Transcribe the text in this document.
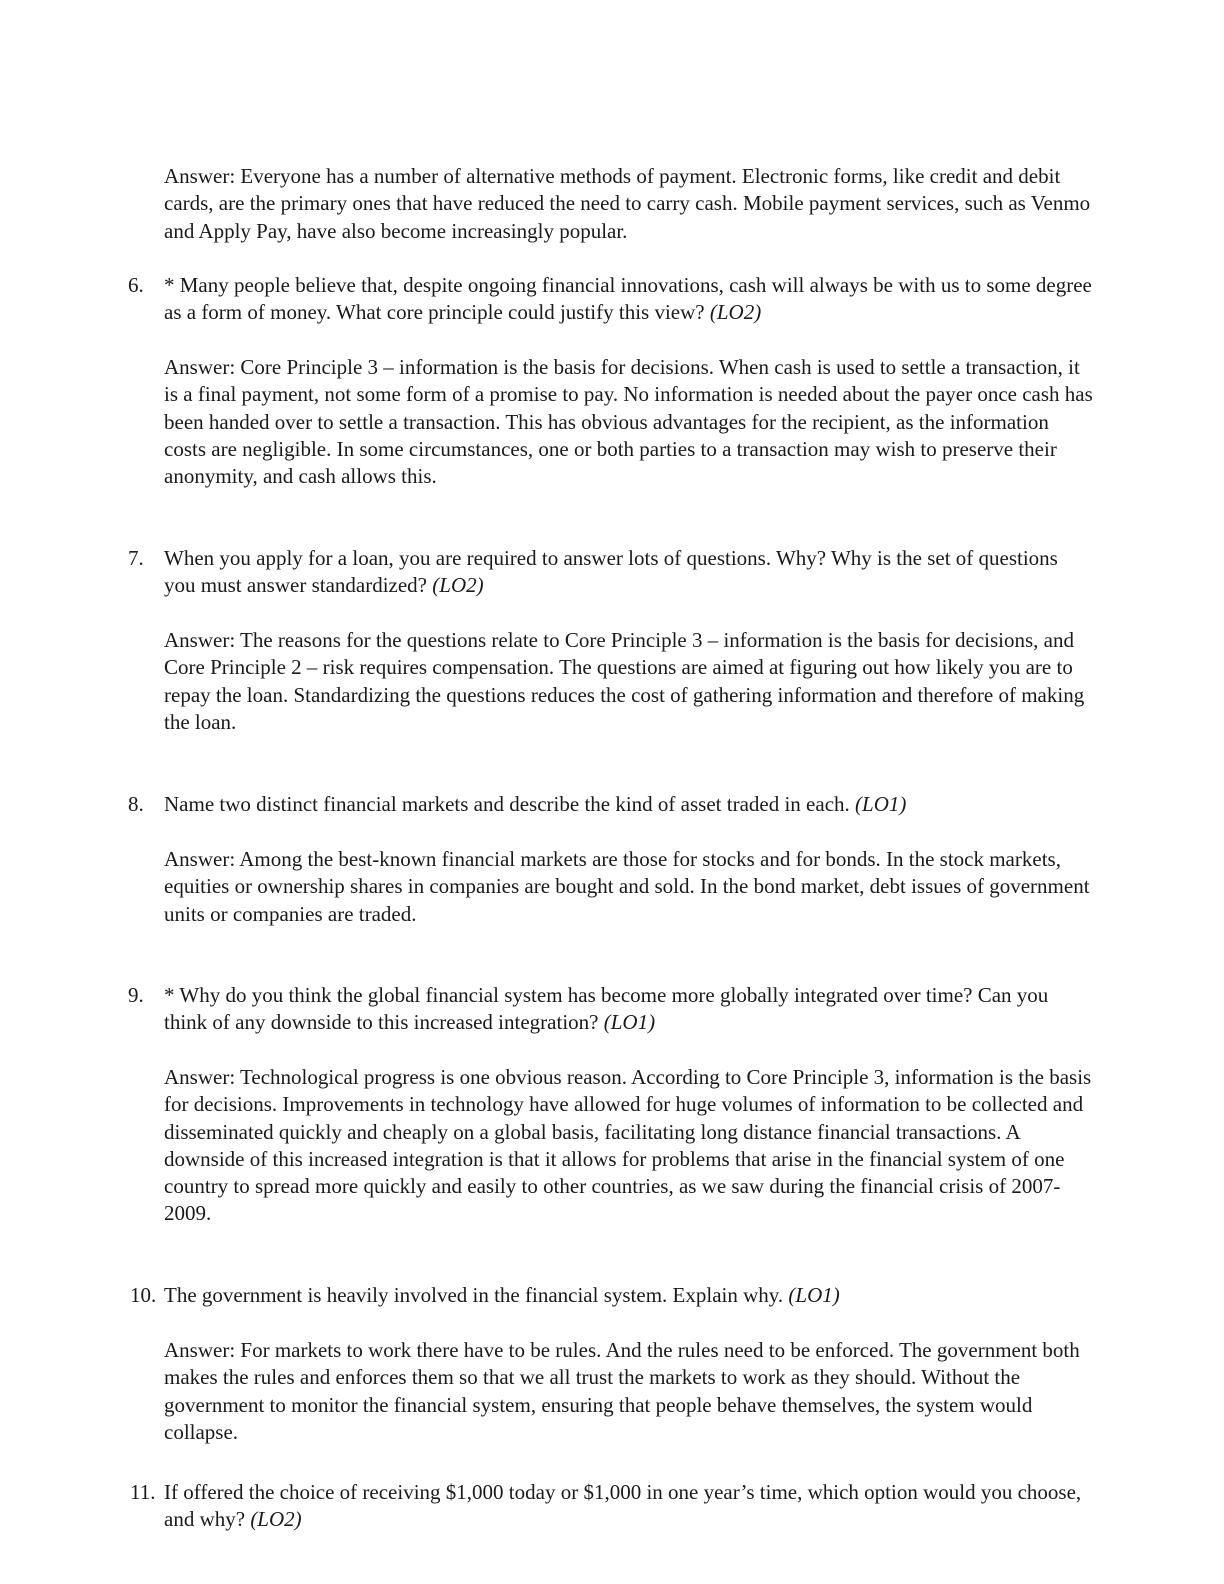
Answer: Everyone has a number of alternative methods of payment. Electronic forms, like credit and debit cards, are the primary ones that have reduced the need to carry cash. Mobile payment services, such as Venmo and Apply Pay, have also become increasingly popular.

6. * Many people believe that, despite ongoing financial innovations, cash will always be with us to some degree as a form of money. What core principle could justify this view? (LO2)

Answer: Core Principle 3 – information is the basis for decisions. When cash is used to settle a transaction, it is a final payment, not some form of a promise to pay. No information is needed about the payer once cash has been handed over to settle a transaction. This has obvious advantages for the recipient, as the information costs are negligible. In some circumstances, one or both parties to a transaction may wish to preserve their anonymity, and cash allows this.

7. When you apply for a loan, you are required to answer lots of questions. Why? Why is the set of questions you must answer standardized? (LO2)

Answer: The reasons for the questions relate to Core Principle 3 – information is the basis for decisions, and Core Principle 2 – risk requires compensation. The questions are aimed at figuring out how likely you are to repay the loan. Standardizing the questions reduces the cost of gathering information and therefore of making the loan.

8. Name two distinct financial markets and describe the kind of asset traded in each. (LO1)

Answer: Among the best-known financial markets are those for stocks and for bonds. In the stock markets, equities or ownership shares in companies are bought and sold. In the bond market, debt issues of government units or companies are traded.

9. * Why do you think the global financial system has become more globally integrated over time? Can you think of any downside to this increased integration? (LO1)

Answer: Technological progress is one obvious reason. According to Core Principle 3, information is the basis for decisions. Improvements in technology have allowed for huge volumes of information to be collected and disseminated quickly and cheaply on a global basis, facilitating long distance financial transactions. A downside of this increased integration is that it allows for problems that arise in the financial system of one country to spread more quickly and easily to other countries, as we saw during the financial crisis of 2007-2009.

10. The government is heavily involved in the financial system. Explain why. (LO1)

Answer: For markets to work there have to be rules. And the rules need to be enforced. The government both makes the rules and enforces them so that we all trust the markets to work as they should. Without the government to monitor the financial system, ensuring that people behave themselves, the system would collapse.

11. If offered the choice of receiving $1,000 today or $1,000 in one year’s time, which option would you choose, and why? (LO2)
